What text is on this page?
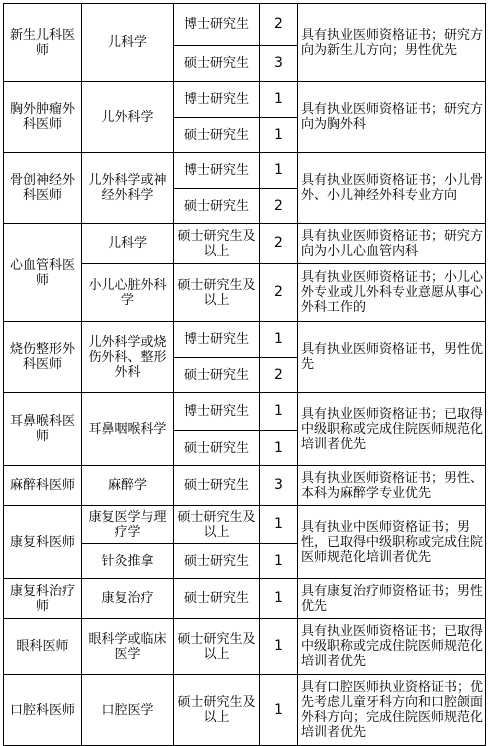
新生儿科医师	儿科学	博士研究生	2	具有执业医师资格证书；研究方向为新生儿方向；男性优先
		硕士研究生	3	
胸外肿瘤外科医师	儿外科学	博士研究生	1	具有执业医师资格证书；研究方向为胸外科
		硕士研究生	1	
骨创神经外科医师	儿外科学或神经外科学	博士研究生	1	具有执业医师资格证书；小儿骨外、小儿神经外科专业方向
		硕士研究生	2	
心血管科医师	儿科学	硕士研究生及以上	2	具有执业医师资格证书；研究方向为小儿心血管内科
	小儿心脏外科学	硕士研究生及以上	2	具有执业医师资格证书；小儿心外专业或儿外科专业意愿从事心外科工作的
烧伤整形外科医师	儿外科学或烧伤外科、整形外科	博士研究生	1	具有执业医师资格证书，男性优先
		硕士研究生	2	
耳鼻喉科医师	耳鼻咽喉科学	博士研究生	1	具有执业医师资格证书；已取得中级职称或完成住院医师规范化培训者优先
		硕士研究生	1	
麻醉科医师	麻醉学	硕士研究生	3	具有执业医师资格证书；男性、本科为麻醉学专业优先
康复科医师	康复医学与理疗学	硕士研究生及以上	1	具有执业中医师资格证书；男性，已取得中级职称或完成住院医师规范化培训者优先
	针灸推拿	硕士研究生	1	
康复科治疗师	康复治疗	硕士研究生	1	具有康复治疗师资格证书；男性优先
眼科医师	眼科学或临床医学	硕士研究生及以上	1	具有执业医师资格证书；已取得中级职称或完成住院医师规范化培训者优先
口腔科医师	口腔医学	硕士研究生及以上	1	具有口腔医师执业资格证书；优先考虑儿童牙科方向和口腔颌面外科方向；完成住院医师规范化培训者优先
